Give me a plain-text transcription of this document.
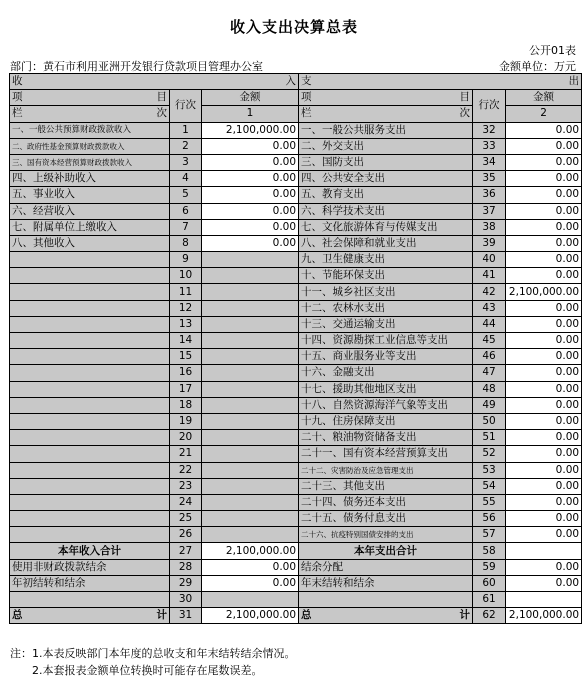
收入支出决算总表
公开01表
部门：黄石市利用亚洲开发银行贷款项目管理办公室	金额单位：万元
收 入			支 出		

项 目	行次	金额	项 目	行次	金额

栏 次		1	栏 次		2
一、一般公共预算财政拨款收入	1	2,100,000.00	一、一般公共服务支出	32	0.00
二、政府性基金预算财政拨款收入	2	0.00	二、外交支出	33	0.00
三、国有资本经营预算财政拨款收入	3	0.00	三、国防支出	34	0.00
四、上级补助收入	4	0.00	四、公共安全支出	35	0.00
五、事业收入	5	0.00	五、教育支出	36	0.00
六、经营收入	6	0.00	六、科学技术支出	37	0.00
七、附属单位上缴收入	7	0.00	七、文化旅游体育与传媒支出	38	0.00
八、其他收入	8	0.00	八、社会保障和就业支出	39	0.00
	9		九、卫生健康支出	40	0.00
	10		十、节能环保支出	41	0.00
	11		十一、城乡社区支出	42	2,100,000.00
	12		十二、农林水支出	43	0.00
	13		十三、交通运输支出	44	0.00
	14		十四、资源勘探工业信息等支出	45	0.00
	15		十五、商业服务业等支出	46	0.00
	16		十六、金融支出	47	0.00
	17		十七、援助其他地区支出	48	0.00
	18		十八、自然资源海洋气象等支出	49	0.00
	19		十九、住房保障支出	50	0.00
	20		二十、粮油物资储备支出	51	0.00
	21		二十一、国有资本经营预算支出	52	0.00
	22		二十二、灾害防治及应急管理支出	53	0.00
	23		二十三、其他支出	54	0.00
	24		二十四、债务还本支出	55	0.00
	25		二十五、债务付息支出	56	0.00
	26		二十六、抗疫特别国债安排的支出	57	0.00
本年收入合计	27	2,100,000.00	本年支出合计	58	
使用非财政拨款结余	28	0.00	结余分配	59	0.00
年初结转和结余	29	0.00	年末结转和结余	60	0.00
	30			61	

总 计	31	2,100,000.00	总 计	62	2,100,000.00
注：1.本表反映部门本年度的总收支和年末结转结余情况。
2.本套报表金额单位转换时可能存在尾数误差。
